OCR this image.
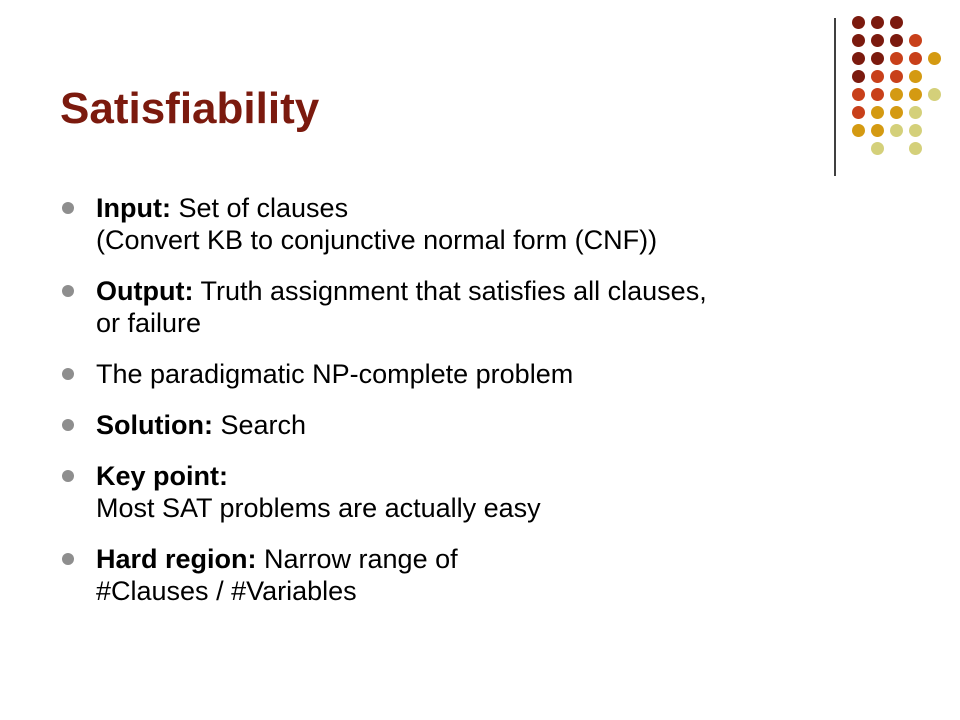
Satisfiability
Input: Set of clauses
(Convert KB to conjunctive normal form (CNF))
Output: Truth assignment that satisfies all clauses,
or failure
The paradigmatic NP-complete problem
Solution: Search
Key point:
Most SAT problems are actually easy
Hard region: Narrow range of
#Clauses / #Variables
